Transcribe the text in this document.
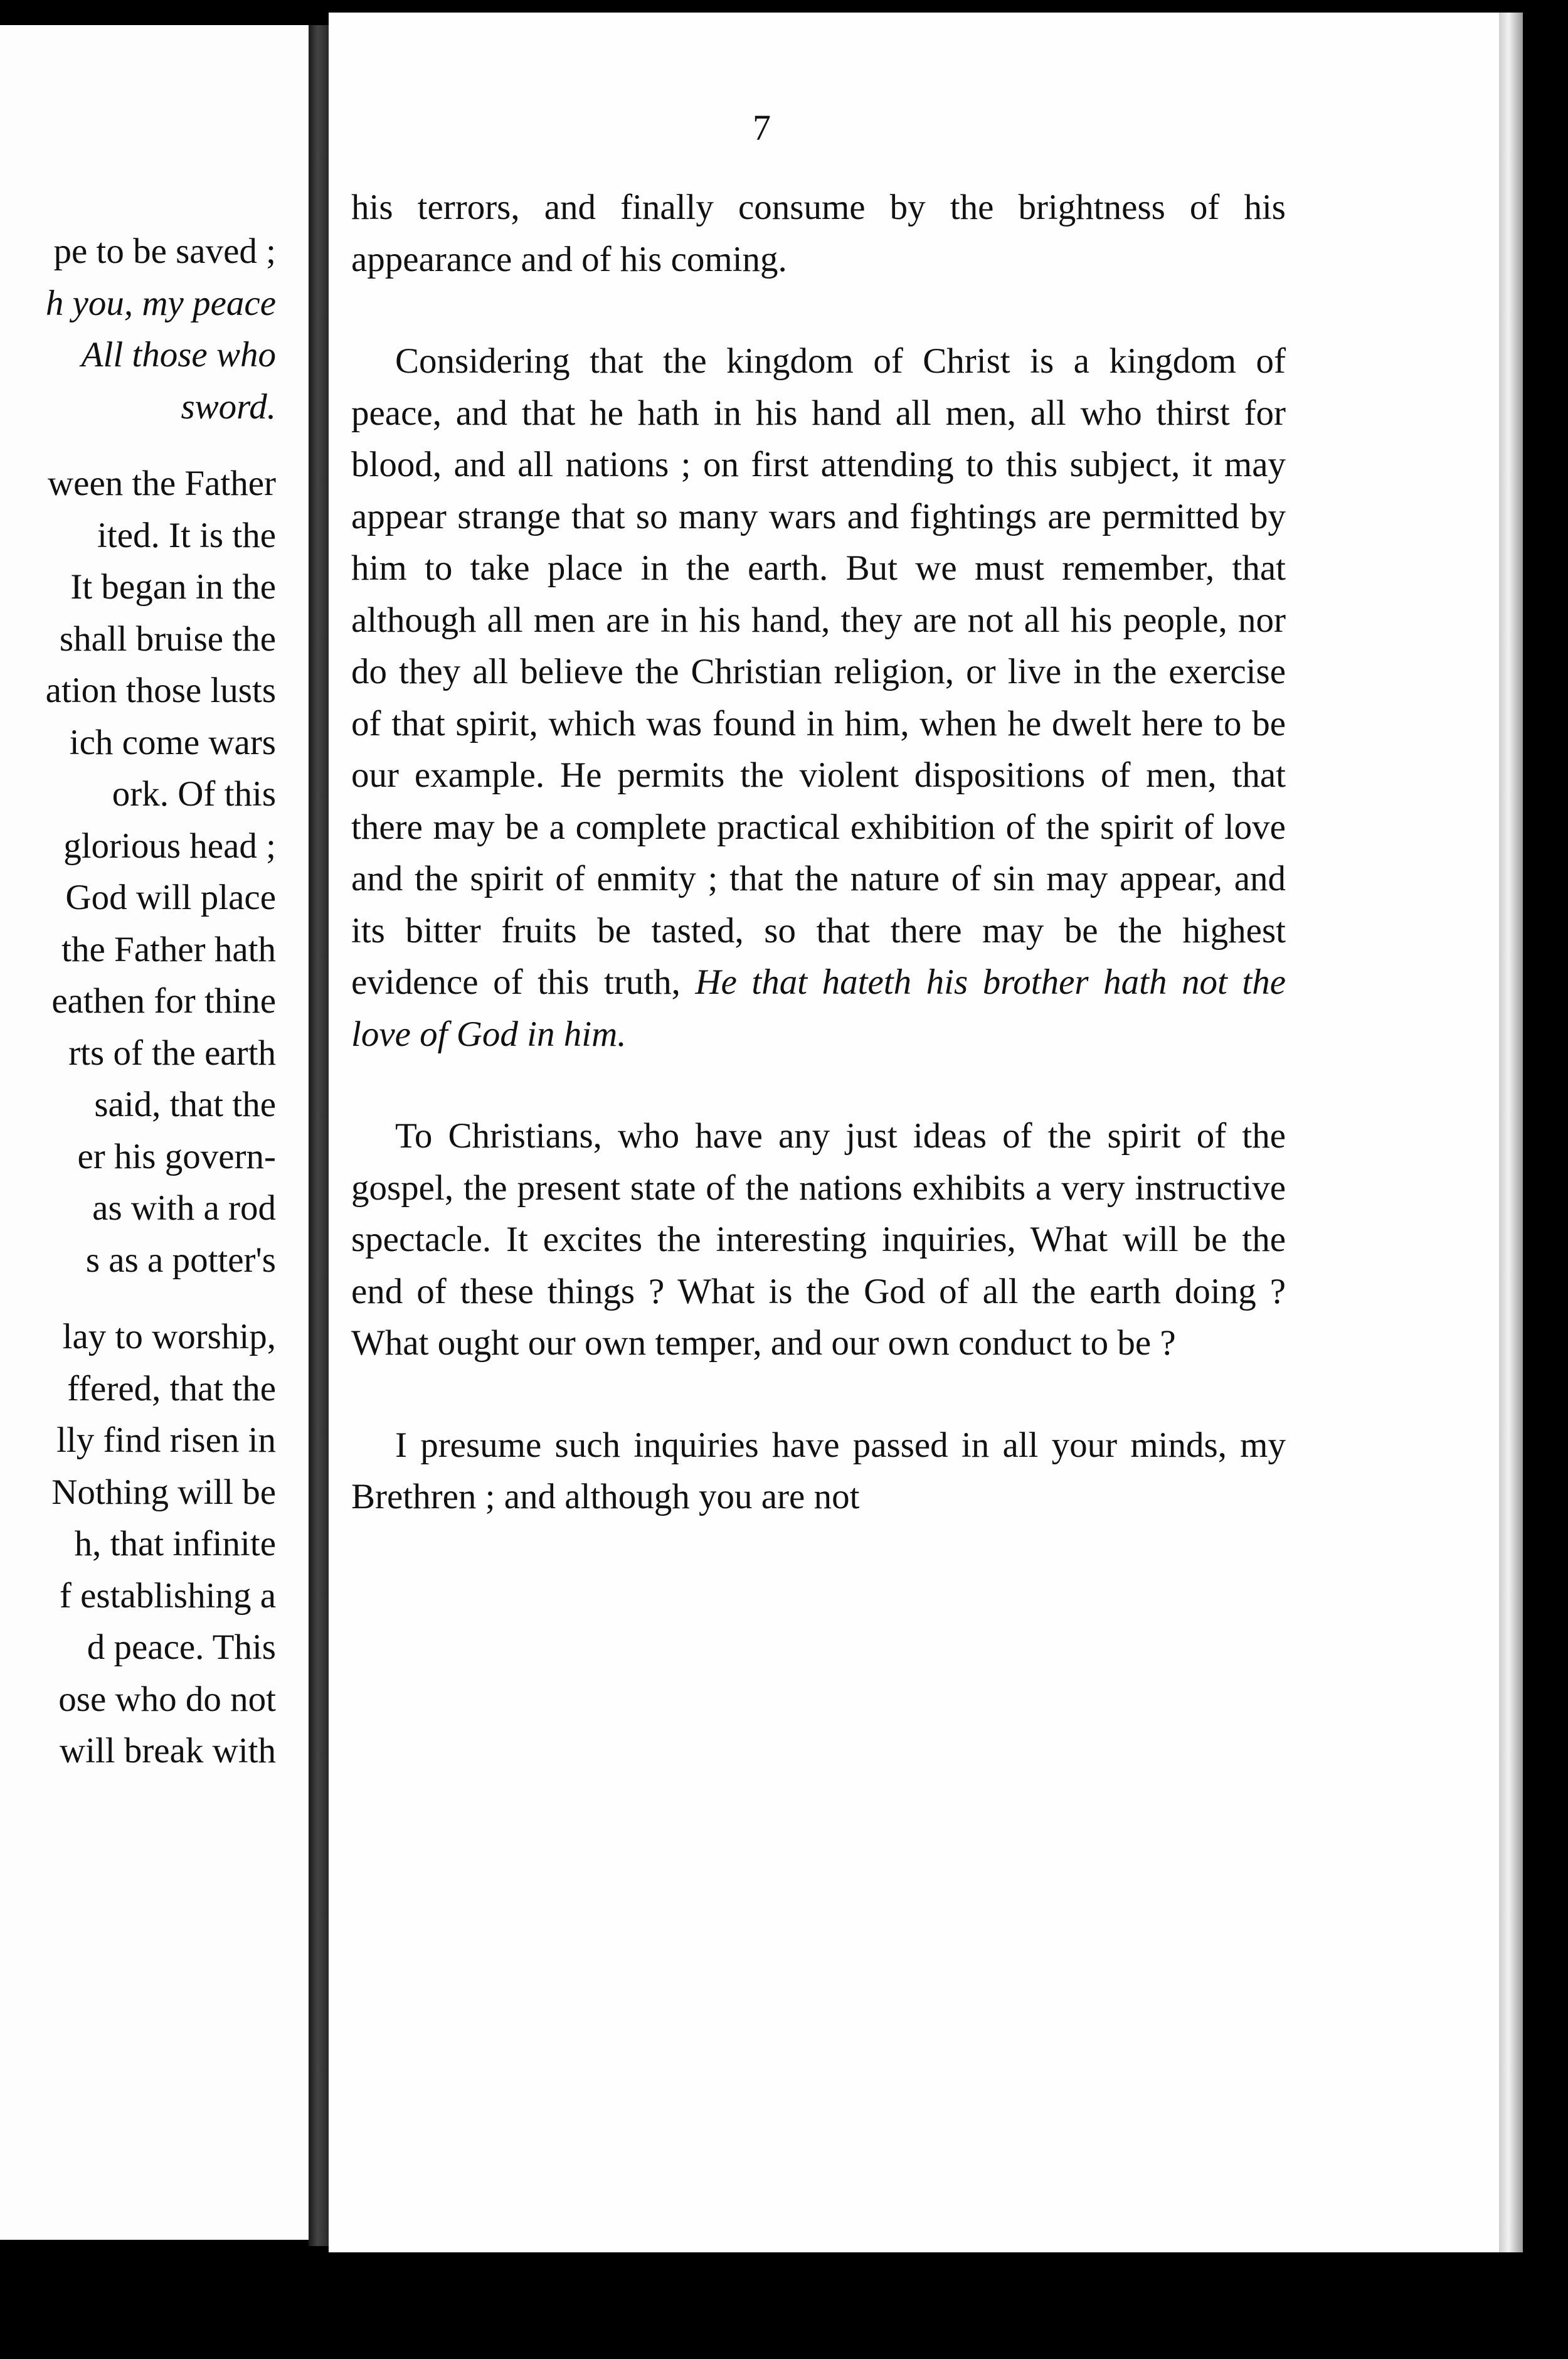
pe to be saved ;
h you, my peace
All those who
sword.
ween the Father
ited. It is the
It began in the
shall bruise the
ation those lusts
ich come wars
ork. Of this
glorious head ;
God will place
the Father hath
eathen for thine
rts of the earth
said, that the
er his govern-
as with a rod
s as a potter's
lay to worship,
ffered, that the
lly find risen in
Nothing will be
h, that infinite
f establishing a
d peace. This
ose who do not
will break with

7

his terrors, and finally consume by the brightness of his appearance and of his coming.

Considering that the kingdom of Christ is a kingdom of peace, and that he hath in his hand all men, all who thirst for blood, and all nations ; on first attending to this subject, it may appear strange that so many wars and fightings are permitted by him to take place in the earth. But we must remember, that although all men are in his hand, they are not all his people, nor do they all believe the Christian religion, or live in the exercise of that spirit, which was found in him, when he dwelt here to be our example. He permits the violent dispositions of men, that there may be a complete practical exhibition of the spirit of love and the spirit of enmity ; that the nature of sin may appear, and its bitter fruits be tasted, so that there may be the highest evidence of this truth, He that hateth his brother hath not the love of God in him.

To Christians, who have any just ideas of the spirit of the gospel, the present state of the nations exhibits a very instructive spectacle. It excites the interesting inquiries, What will be the end of these things ? What is the God of all the earth doing ? What ought our own temper, and our own conduct to be ?

I presume such inquiries have passed in all your minds, my Brethren ; and although you are not
